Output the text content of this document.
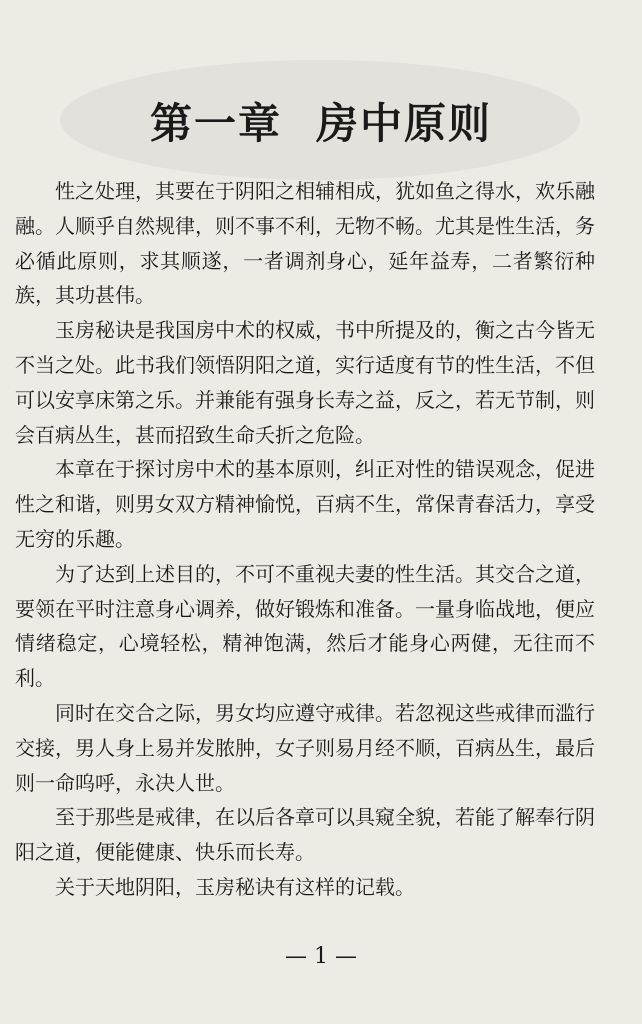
第一章 房中原则

性之处理，其要在于阴阳之相辅相成，犹如鱼之得水，欢乐融融。人顺乎自然规律，则不事不利，无物不畅。尤其是性生活，务必循此原则，求其顺遂，一者调剂身心，延年益寿，二者繁衍种族，其功甚伟。

玉房秘诀是我国房中术的权威，书中所提及的，衡之古今皆无不当之处。此书我们领悟阴阳之道，实行适度有节的性生活，不但可以安享床第之乐。并兼能有强身长寿之益，反之，若无节制，则会百病丛生，甚而招致生命夭折之危险。

本章在于探讨房中术的基本原则，纠正对性的错误观念，促进性之和谐，则男女双方精神愉悦，百病不生，常保青春活力，享受无穷的乐趣。

为了达到上述目的，不可不重视夫妻的性生活。其交合之道，要领在平时注意身心调养，做好锻炼和准备。一量身临战地，便应情绪稳定，心境轻松，精神饱满，然后才能身心两健，无往而不利。

同时在交合之际，男女均应遵守戒律。若忽视这些戒律而滥行交接，男人身上易并发脓肿，女子则易月经不顺，百病丛生，最后则一命呜呼，永决人世。

至于那些是戒律，在以后各章可以具窥全貌，若能了解奉行阴阳之道，便能健康、快乐而长寿。

关于天地阴阳，玉房秘诀有这样的记载。

— 1 —
